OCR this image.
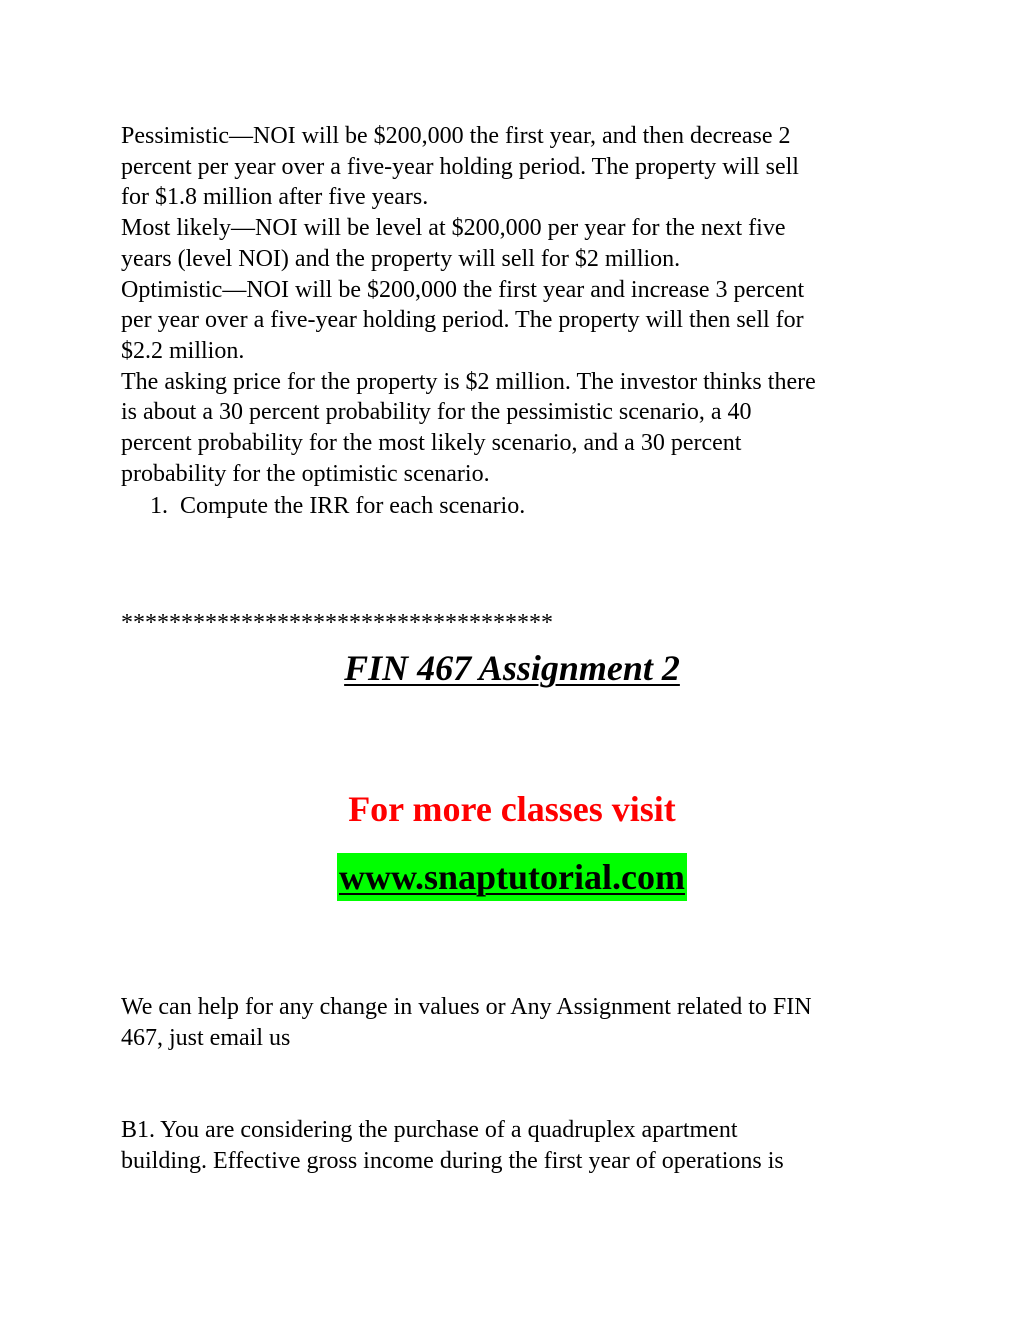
Pessimistic—NOI will be $200,000 the first year, and then decrease 2
percent per year over a five-year holding period. The property will sell
for $1.8 million after five years.
Most likely—NOI will be level at $200,000 per year for the next five
years (level NOI) and the property will sell for $2 million.
Optimistic—NOI will be $200,000 the first year and increase 3 percent
per year over a five-year holding period. The property will then sell for
$2.2 million.
The asking price for the property is $2 million. The investor thinks there
is about a 30 percent probability for the pessimistic scenario, a 40
percent probability for the most likely scenario, and a 30 percent
probability for the optimistic scenario.
1. Compute the IRR for each scenario.
************************************
FIN 467 Assignment 2
For more classes visit
www.snaptutorial.com
We can help for any change in values or Any Assignment related to FIN
467, just email us
B1. You are considering the purchase of a quadruplex apartment
building. Effective gross income during the first year of operations is
